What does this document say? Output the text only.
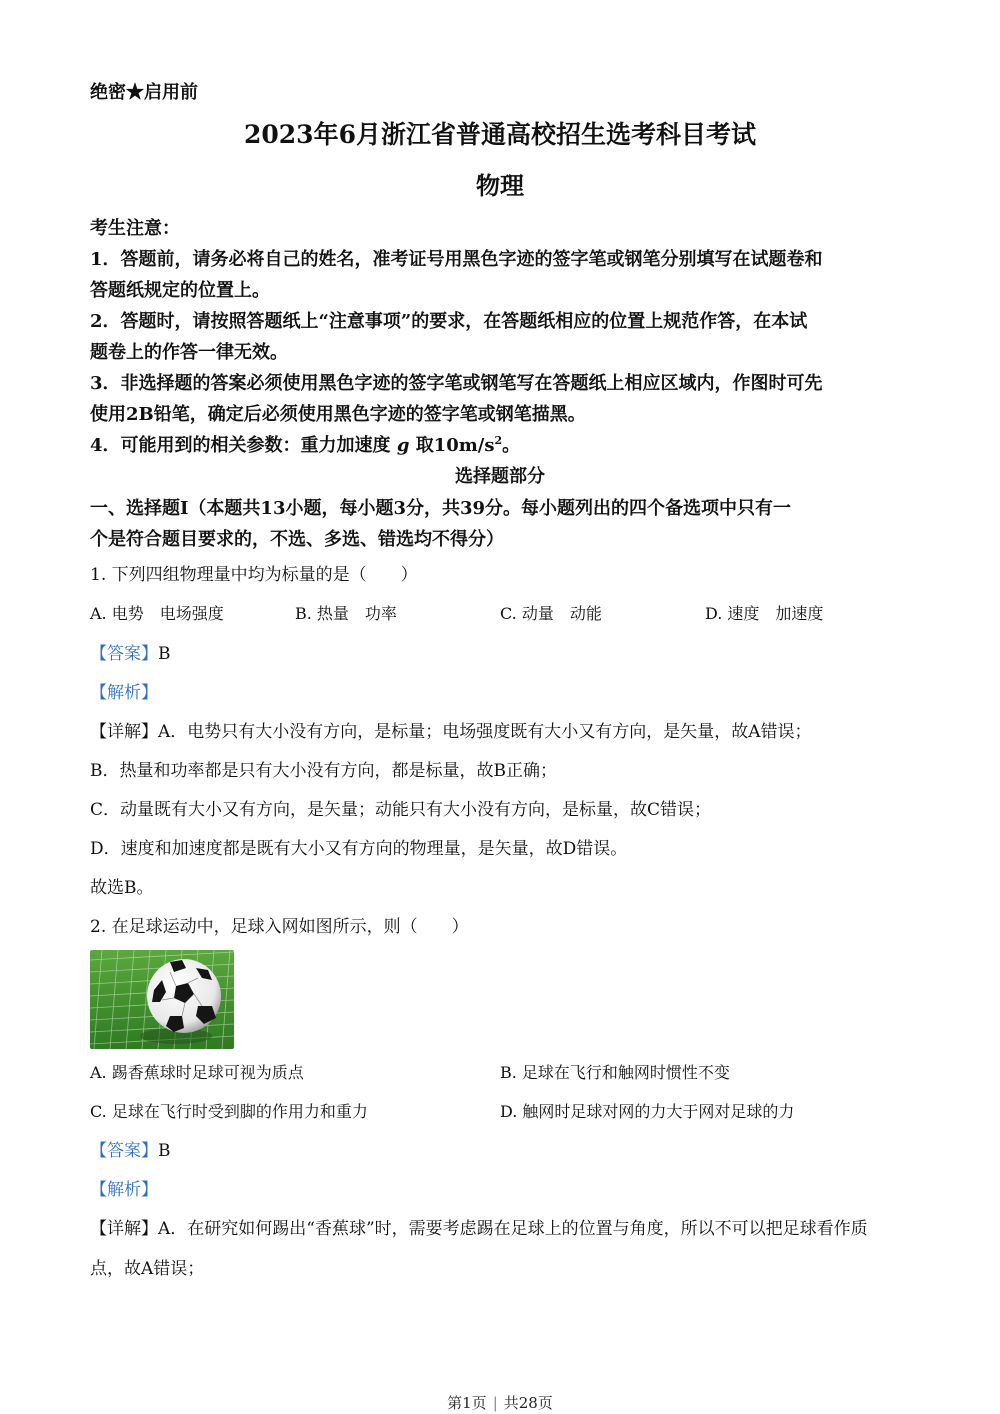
绝密★启用前
2023年6月浙江省普通高校招生选考科目考试
物理
考生注意：
1．答题前，请务必将自己的姓名，准考证号用黑色字迹的签字笔或钢笔分别填写在试题卷和
答题纸规定的位置上。
2．答题时，请按照答题纸上“注意事项”的要求，在答题纸相应的位置上规范作答，在本试
题卷上的作答一律无效。
3．非选择题的答案必须使用黑色字迹的签字笔或钢笔写在答题纸上相应区域内，作图时可先
使用2B铅笔，确定后必须使用黑色字迹的签字笔或钢笔描黑。
4．可能用到的相关参数：重力加速度 g 取$10m/s^2$。
选择题部分
一、选择题Ⅰ（本题共13小题，每小题3分，共39分。每小题列出的四个备选项中只有一
个是符合题目要求的，不选、多选、错选均不得分）
1. 下列四组物理量中均为标量的是（　　）
A. 电势　电场强度	B. 热量　功率	C. 动量　动能	D. 速度　加速度
【答案】B
【解析】
【详解】A．电势只有大小没有方向，是标量；电场强度既有大小又有方向，是矢量，故A错误；
B．热量和功率都是只有大小没有方向，都是标量，故B正确；
C．动量既有大小又有方向，是矢量；动能只有大小没有方向，是标量，故C错误；
D．速度和加速度都是既有大小又有方向的物理量，是矢量，故D错误。
故选B。
2. 在足球运动中，足球入网如图所示，则（　　）
A. 踢香蕉球时足球可视为质点	B. 足球在飞行和触网时惯性不变
C. 足球在飞行时受到脚的作用力和重力	D. 触网时足球对网的力大于网对足球的力
【答案】B
【解析】
【详解】A．在研究如何踢出“香蕉球”时，需要考虑踢在足球上的位置与角度，所以不可以把足球看作质
点，故A错误；
第1页 | 共28页
